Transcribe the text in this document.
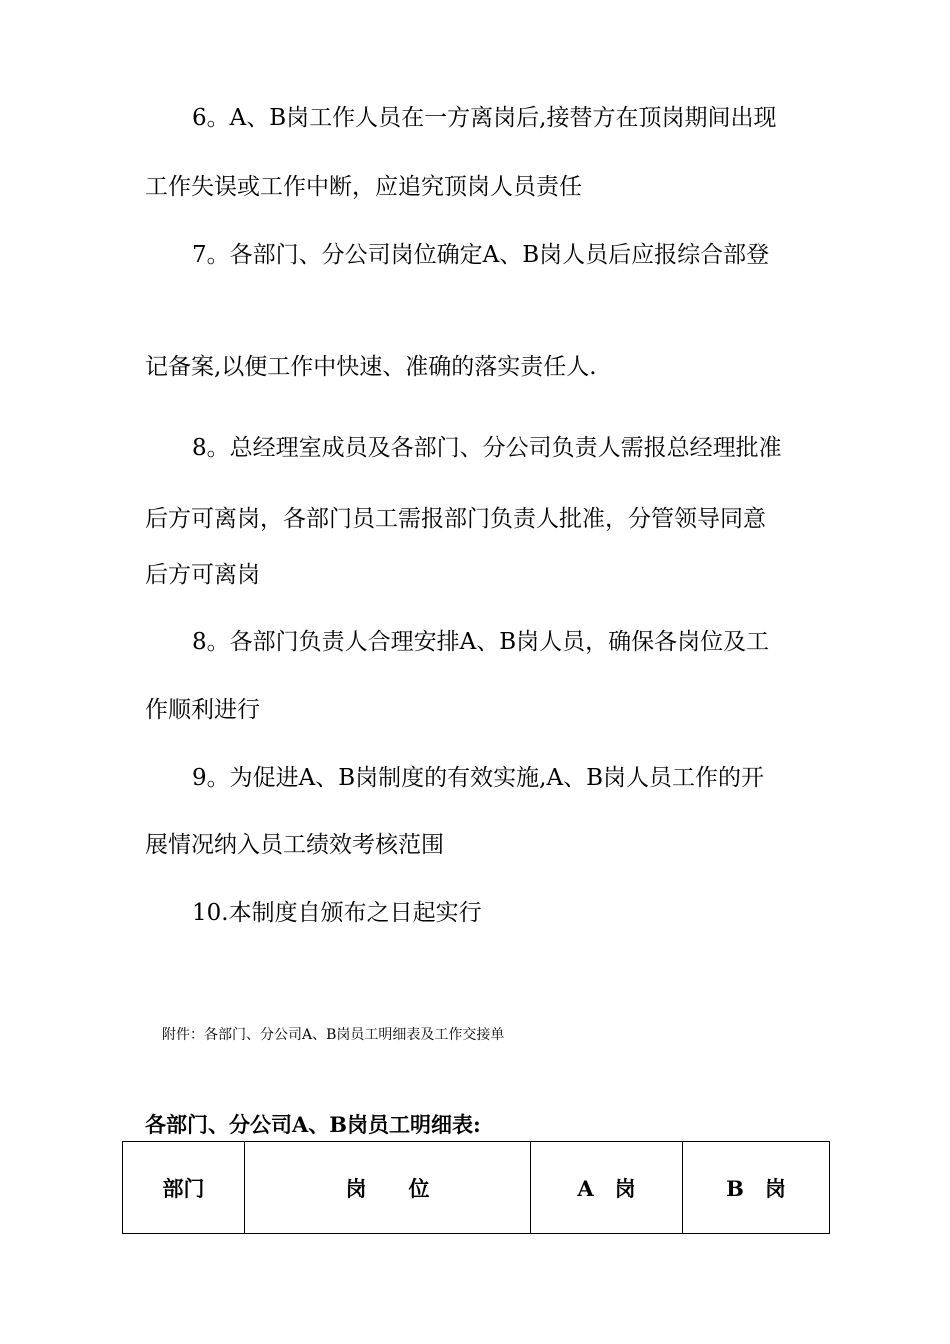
6。A、B岗工作人员在一方离岗后,接替方在顶岗期间出现

工作失误或工作中断，应追究顶岗人员责任

7。各部门、分公司岗位确定A、B岗人员后应报综合部登

记备案,以便工作中快速、准确的落实责任人.

8。总经理室成员及各部门、分公司负责人需报总经理批准

后方可离岗，各部门员工需报部门负责人批准，分管领导同意

后方可离岗

8。各部门负责人合理安排A、B岗人员，确保各岗位及工

作顺利进行

9。为促进A、B岗制度的有效实施,A、B岗人员工作的开

展情况纳入员工绩效考核范围

10.本制度自颁布之日起实行

附件：各部门、分公司A、B岗员工明细表及工作交接单

各部门、分公司A、B岗员工明细表:

部门	岗　　位	A　岗	B　岗
